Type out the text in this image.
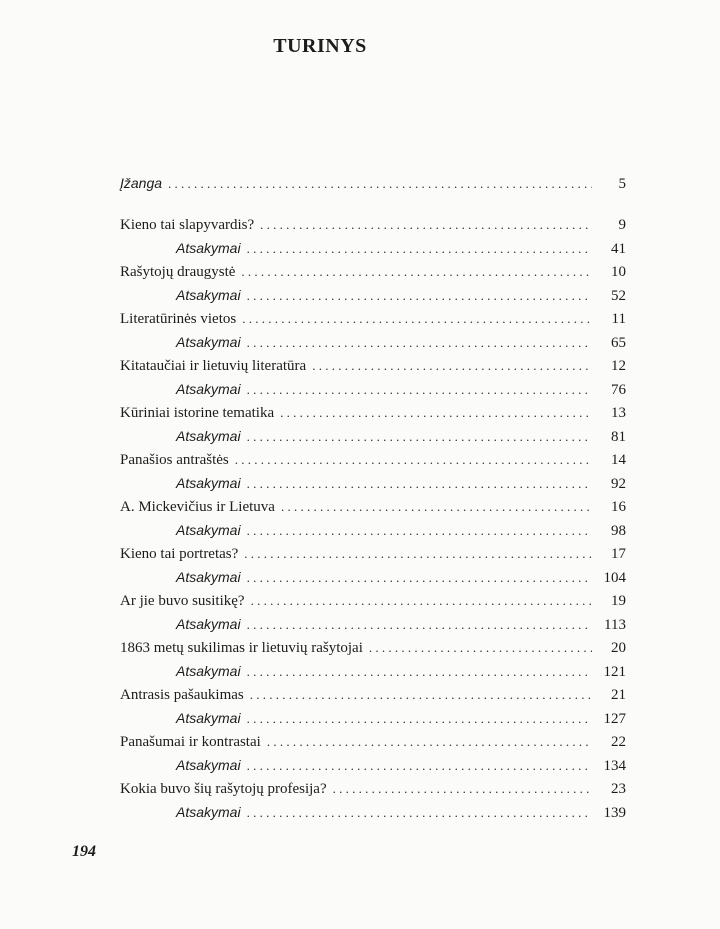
TURINYS
Įžanga . . .	5
Kieno tai slapyvardis? . . .	9
Atsakymai . . .	41
Rašytojų draugystė . . .	10
Atsakymai . . .	52
Literatūrinės vietos . . .	11
Atsakymai . . .	65
Kitataučiai ir lietuvių literatūra . . .	12
Atsakymai . . .	76
Kūriniai istorine tematika . . .	13
Atsakymai . . .	81
Panašios antraštės . . .	14
Atsakymai . . .	92
A. Mickevičius ir Lietuva . . .	16
Atsakymai . . .	98
Kieno tai portretas? . . .	17
Atsakymai . . .	104
Ar jie buvo susitikę? . . .	19
Atsakymai . . .	113
1863 metų sukilimas ir lietuvių rašytojai . . .	20
Atsakymai . . .	121
Antrasis pašaukimas . . .	21
Atsakymai . . .	127
Panašumai ir kontrastai . . .	22
Atsakymai . . .	134
Kokia buvo šių rašytojų profesija? . . .	23
Atsakymai . . .	139
194
